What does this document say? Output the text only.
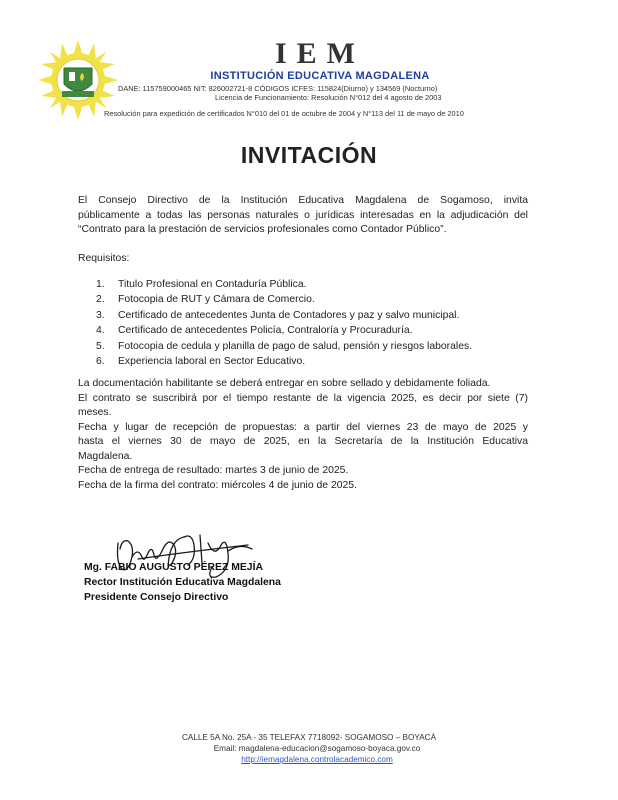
IEM
INSTITUCIÓN EDUCATIVA MAGDALENA
DANE: 115759000465 NIT: 826002721-8 CÓDIGOS ICFES: 115824(Diurno) y 134569 (Nocturno)
Licencia de Funcionamiento: Resolución N°012 del 4 agosto de 2003
Resolución para expedición de certificados N°010 del 01 de octubre de 2004 y N°113 del 11 de mayo de 2010
INVITACIÓN
El Consejo Directivo de la Institución Educativa Magdalena de Sogamoso, invita
públicamente a todas las personas naturales o jurídicas interesadas en la adjudicación del
“Contrato para la prestación de servicios profesionales como Contador Público”.
Requisitos:
1. Titulo Profesional en Contaduría Pública.
2. Fotocopia de RUT y Cámara de Comercio.
3. Certificado de antecedentes Junta de Contadores y paz y salvo municipal.
4. Certificado de antecedentes Policía, Contraloría y Procuraduría.
5. Fotocopia de cedula y planilla de pago de salud, pensión y riesgos laborales.
6. Experiencia laboral en Sector Educativo.
La documentación habilitante se deberá entregar en sobre sellado y debidamente foliada.
El contrato se suscribirá por el tiempo restante de la vigencia 2025, es decir por siete (7)
meses.
Fecha y lugar de recepción de propuestas: a partir del viernes 23 de mayo de 2025 y
hasta el viernes 30 de mayo de 2025, en la Secretaría de la Institución Educativa
Magdalena.
Fecha de entrega de resultado: martes 3 de junio de 2025.
Fecha de la firma del contrato: miércoles 4 de junio de 2025.
Mg. FABIO AUGUSTO PÉREZ MEJÍA
Rector Institución Educativa Magdalena
Presidente Consejo Directivo
CALLE 5A No. 25A - 35 TELEFAX 7718092- SOGAMOSO – BOYACÁ
Email: magdalena-educacion@sogamoso-boyaca.gov.co
http://iemagdalena.controlacademico.com
